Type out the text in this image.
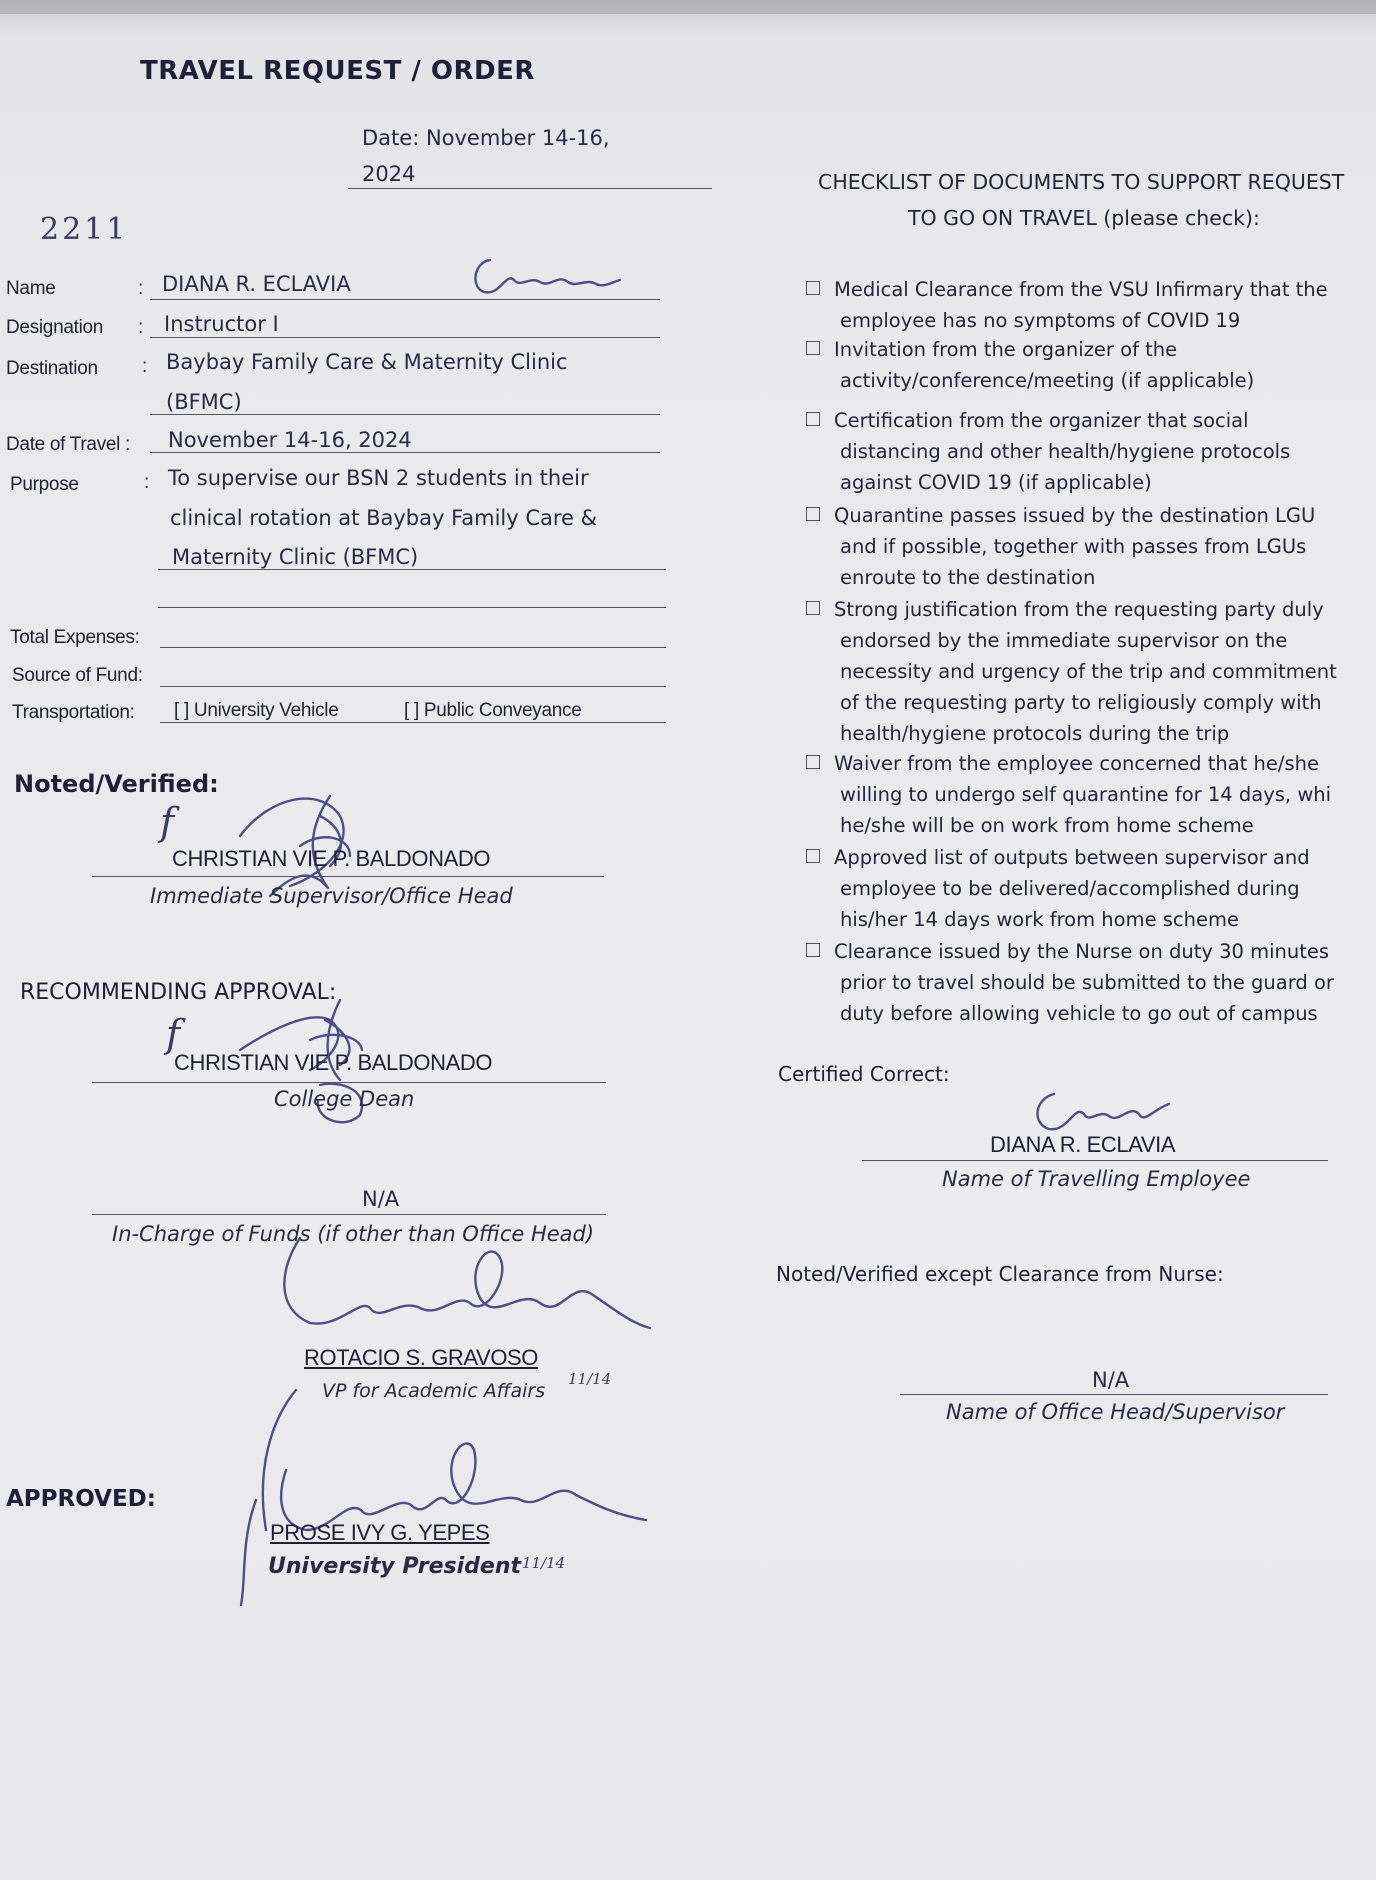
TRAVEL REQUEST / ORDER
Date: November 14-16,
2024
2211
Name	: DIANA R. ECLAVIA
Designation : Instructor I
Destination : Baybay Family Care & Maternity Clinic
(BFMC)
Date of Travel : November 14-16, 2024
Purpose	: To supervise our BSN 2 students in their
clinical rotation at Baybay Family Care &
Maternity Clinic (BFMC)
Total Expenses:
Source of Fund:
Transportation: [ ] University Vehicle	[ ] Public Conveyance
Noted/Verified:
f
CHRISTIAN VIE P. BALDONADO
Immediate Supervisor/Office Head
RECOMMENDING APPROVAL:
f
CHRISTIAN VIE P. BALDONADO
College Dean
N/A
In-Charge of Funds (if other than Office Head)
ROTACIO S. GRAVOSO
VP for Academic Affairs
11/14
APPROVED:
PROSE IVY G. YEPES
University President 11/14
CHECKLIST OF DOCUMENTS TO SUPPORT REQUEST
TO GO ON TRAVEL (please check):
Medical Clearance from the VSU Infirmary that the
employee has no symptoms of COVID 19
Invitation from the organizer of the
activity/conference/meeting (if applicable)
Certification from the organizer that social
distancing and other health/hygiene protocols
against COVID 19 (if applicable)
Quarantine passes issued by the destination LGU
and if possible, together with passes from LGUs
enroute to the destination
Strong justification from the requesting party duly
endorsed by the immediate supervisor on the
necessity and urgency of the trip and commitment
of the requesting party to religiously comply with
health/hygiene protocols during the trip
Waiver from the employee concerned that he/she
willing to undergo self quarantine for 14 days, whi
he/she will be on work from home scheme
Approved list of outputs between supervisor and
employee to be delivered/accomplished during
his/her 14 days work from home scheme
Clearance issued by the Nurse on duty 30 minutes
prior to travel should be submitted to the guard or
duty before allowing vehicle to go out of campus
Certified Correct:
DIANA R. ECLAVIA
Name of Travelling Employee
Noted/Verified except Clearance from Nurse:
N/A
Name of Office Head/Supervisor
